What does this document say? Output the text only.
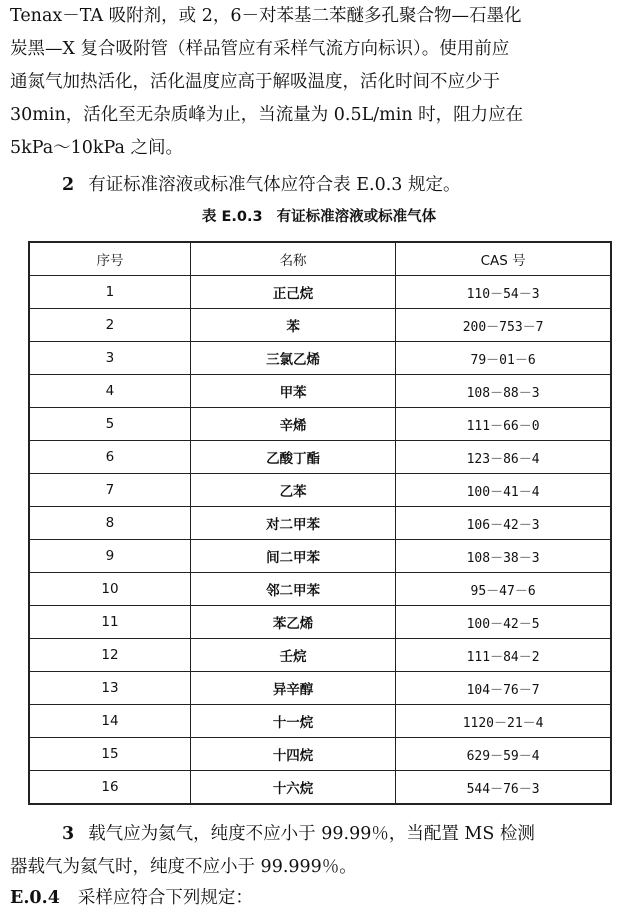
Tenax－TA 吸附剂，或 2，6－对苯基二苯醚多孔聚合物—石墨化
炭黑—X 复合吸附管（样品管应有采样气流方向标识）。使用前应
通氮气加热活化，活化温度应高于解吸温度，活化时间不应少于
30min，活化至无杂质峰为止，当流量为 0.5L/min 时，阻力应在
5kPa～10kPa 之间。
2 有证标准溶液或标准气体应符合表 E.0.3 规定。
表 E.0.3 有证标准溶液或标准气体
序号	名称	CAS 号
1	正己烷	110－54－3
2	苯	200－753－7
3	三氯乙烯	79－01－6
4	甲苯	108－88－3
5	辛烯	111－66－0
6	乙酸丁酯	123－86－4
7	乙苯	100－41－4
8	对二甲苯	106－42－3
9	间二甲苯	108－38－3
10	邻二甲苯	95－47－6
11	苯乙烯	100－42－5
12	壬烷	111－84－2
13	异辛醇	104－76－7
14	十一烷	1120－21－4
15	十四烷	629－59－4
16	十六烷	544－76－3
3 载气应为氦气，纯度不应小于 99.99％，当配置 MS 检测
器载气为氦气时，纯度不应小于 99.999％。
E.0.4 采样应符合下列规定：
